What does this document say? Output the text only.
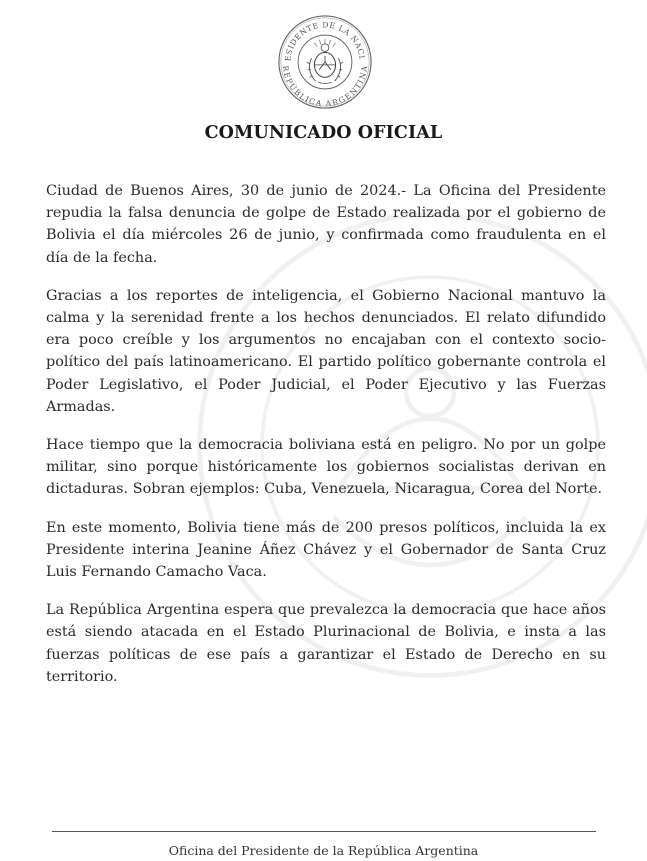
ESIDENTE DE LA NACI
REPÚBLICA ARGENTINA
COMUNICADO OFICIAL

Ciudad de Buenos Aires, 30 de junio de 2024.- La Oficina del Presidente repudia la falsa denuncia de golpe de Estado realizada por el gobierno de Bolivia el día miércoles 26 de junio, y confirmada como fraudulenta en el día de la fecha.

Gracias a los reportes de inteligencia, el Gobierno Nacional mantuvo la calma y la serenidad frente a los hechos denunciados. El relato difundido era poco creíble y los argumentos no encajaban con el contexto socio-político del país latinoamericano. El partido político gobernante controla el Poder Legislativo, el Poder Judicial, el Poder Ejecutivo y las Fuerzas Armadas.

Hace tiempo que la democracia boliviana está en peligro. No por un golpe militar, sino porque históricamente los gobiernos socialistas derivan en dictaduras. Sobran ejemplos: Cuba, Venezuela, Nicaragua, Corea del Norte.

En este momento, Bolivia tiene más de 200 presos políticos, incluida la ex Presidente interina Jeanine Áñez Chávez y el Gobernador de Santa Cruz Luis Fernando Camacho Vaca.

La República Argentina espera que prevalezca la democracia que hace años está siendo atacada en el Estado Plurinacional de Bolivia, e insta a las fuerzas políticas de ese país a garantizar el Estado de Derecho en su territorio.

Oficina del Presidente de la República Argentina
